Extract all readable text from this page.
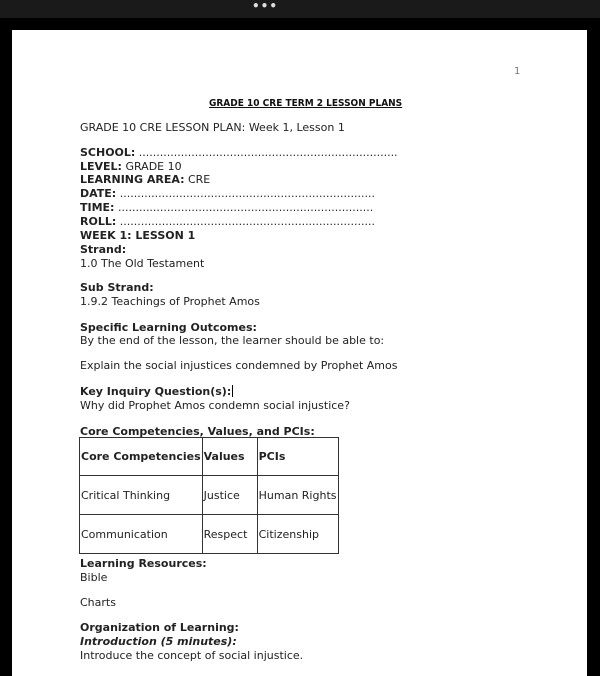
•••
1
GRADE 10 CRE TERM 2 LESSON PLANS
GRADE 10 CRE LESSON PLAN: Week 1, Lesson 1
SCHOOL: ..........................................................................
LEVEL: GRADE 10
LEARNING AREA: CRE
DATE: .........................................................................
TIME: .........................................................................
ROLL: .........................................................................
WEEK 1: LESSON 1
Strand:
1.0 The Old Testament
Sub Strand:
1.9.2 Teachings of Prophet Amos
Specific Learning Outcomes:
By the end of the lesson, the learner should be able to:
Explain the social injustices condemned by Prophet Amos
Key Inquiry Question(s):
Why did Prophet Amos condemn social injustice?
Core Competencies, Values, and PCIs:
Core Competencies	Values	PCIs
Critical Thinking	Justice	Human Rights
Communication	Respect	Citizenship
Learning Resources:
Bible
Charts
Organization of Learning:
Introduction (5 minutes):
Introduce the concept of social injustice.
